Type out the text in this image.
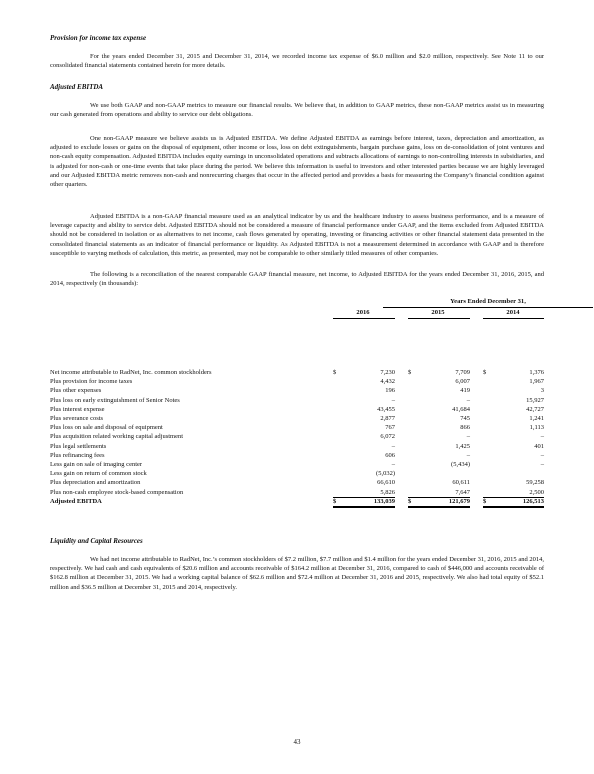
Provision for income tax expense

For the years ended December 31, 2015 and December 31, 2014, we recorded income tax expense of $6.0 million and $2.0 million, respectively. See Note 11 to our consolidated financial statements contained herein for more details.

Adjusted EBITDA

We use both GAAP and non-GAAP metrics to measure our financial results. We believe that, in addition to GAAP metrics, these non-GAAP metrics assist us in measuring our cash generated from operations and ability to service our debt obligations.

One non-GAAP measure we believe assists us is Adjusted EBITDA. We define Adjusted EBITDA as earnings before interest, taxes, depreciation and amortization, as adjusted to exclude losses or gains on the disposal of equipment, other income or loss, loss on debt extinguishments, bargain purchase gains, loss on de-consolidation of joint ventures and non-cash equity compensation. Adjusted EBITDA includes equity earnings in unconsolidated operations and subtracts allocations of earnings to non-controlling interests in subsidiaries, and is adjusted for non-cash or one-time events that take place during the period. We believe this information is useful to investors and other interested parties because we are highly leveraged and our Adjusted EBITDA metric removes non-cash and nonrecurring charges that occur in the affected period and provides a basis for measuring the Company’s financial condition against other quarters.

Adjusted EBITDA is a non-GAAP financial measure used as an analytical indicator by us and the healthcare industry to assess business performance, and is a measure of leverage capacity and ability to service debt. Adjusted EBITDA should not be considered a measure of financial performance under GAAP, and the items excluded from Adjusted EBITDA should not be considered in isolation or as alternatives to net income, cash flows generated by operating, investing or financing activities or other financial statement data presented in the consolidated financial statements as an indicator of financial performance or liquidity. As Adjusted EBITDA is not a measurement determined in accordance with GAAP and is therefore susceptible to varying methods of calculation, this metric, as presented, may not be comparable to other similarly titled measures of other companies.

The following is a reconciliation of the nearest comparable GAAP financial measure, net income, to Adjusted EBITDA for the years ended December 31, 2016, 2015, and 2014, respectively (in thousands):

Years Ended December 31,
2016	2015	2014
Net income attributable to RadNet, Inc. common stockholders	$	7,230 $	7,709 $	1,376
Plus provision for income taxes	4,432	6,007	1,967
Plus other expenses	196	419	3
Plus loss on early extinguishment of Senior Notes	–	–	15,927
Plus interest expense	43,455	41,684	42,727
Plus severance costs	2,877	745	1,241
Plus loss on sale and disposal of equipment	767	866	1,113
Plus acquisition related working capital adjustment	6,072	–	–
Plus legal settlements	–	1,425	401
Plus refinancing fees	606	–	–
Less gain on sale of imaging center	–	(5,434)	–
Less gain on return of common stock	(5,032)
Plus depreciation and amortization	66,610	60,611	59,258
Plus non-cash employee stock-based compensation	5,826	7,647	2,500
Adjusted EBITDA	$	133,039 $	121,679 $	126,513
Liquidity and Capital Resources

We had net income attributable to RadNet, Inc.’s common stockholders of $7.2 million, $7.7 million and $1.4 million for the years ended December 31, 2016, 2015 and 2014, respectively. We had cash and cash equivalents of $20.6 million and accounts receivable of $164.2 million at December 31, 2016, compared to cash of $446,000 and accounts receivable of $162.8 million at December 31, 2015. We had a working capital balance of $62.6 million and $72.4 million at December 31, 2016 and 2015, respectively. We also had total equity of $52.1 million and $36.5 million at December 31, 2015 and 2014, respectively.

43
